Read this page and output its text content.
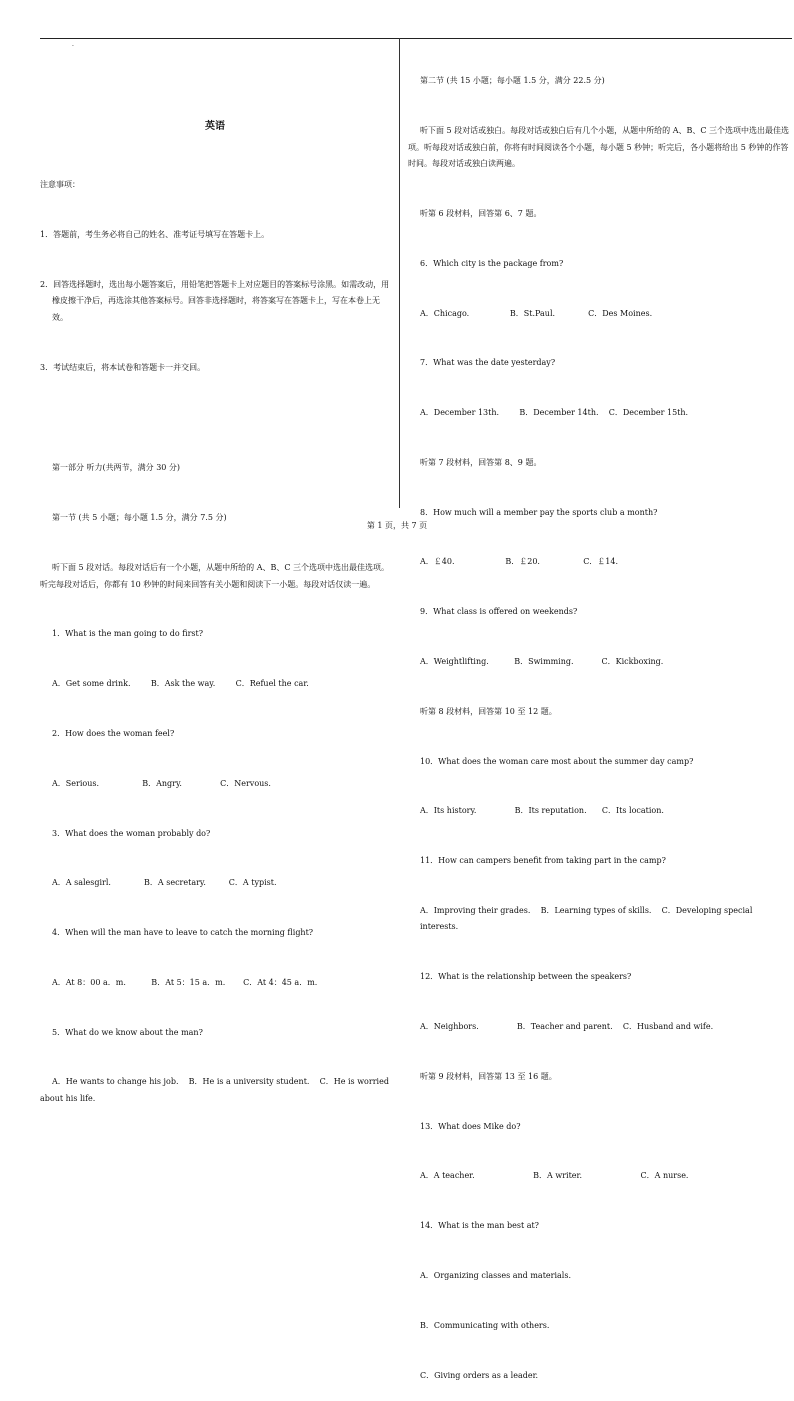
·

英语

注意事项：

1．答题前，考生务必将自己的姓名、准考证号填写在答题卡上。

2．回答选择题时，选出每小题答案后，用铅笔把答题卡上对应题目的答案标号涂黑。如需改动，用橡皮擦干净后，再选涂其他答案标号。回答非选择题时，将答案写在答题卡上，写在本卷上无效。

3．考试结束后，将本试卷和答题卡一并交回。

第一部分 听力(共两节，满分 30 分)

第一节 (共 5 小题；每小题 1.5 分，满分 7.5 分)

听下面 5 段对话。每段对话后有一个小题，从题中所给的 A、B、C 三个选项中选出最佳选项。听完每段对话后，你都有 10 秒钟的时间来回答有关小题和阅读下一小题。每段对话仅读一遍。

1．What is the man going to do first?

A．Get some drink.        B．Ask the way.        C．Refuel the car.

2．How does the woman feel?

A．Serious.                 B．Angry.               C．Nervous.

3．What does the woman probably do?

A．A salesgirl.             B．A secretary.         C．A typist.

4．When will the man have to leave to catch the morning flight?

A．At 8：00 a．m.          B．At 5：15 a．m.       C．At 4：45 a．m.

5．What do we know about the man?

A．He wants to change his job.    B．He is a university student.    C．He is worried about his life.

第二节 (共 15 小题；每小题 1.5 分，满分 22.5 分)

听下面 5 段对话或独白。每段对话或独白后有几个小题，从题中所给的 A、B、C 三个选项中选出最佳选项。听每段对话或独白前，你将有时间阅读各个小题，每小题 5 秒钟；听完后，各小题将给出 5 秒钟的作答时间。每段对话或独白读两遍。

听第 6 段材料，回答第 6、7 题。

6．Which city is the package from?

A．Chicago.                B．St.Paul.             C．Des Moines.

7．What was the date yesterday?

A．December 13th.        B．December 14th.    C．December 15th.

听第 7 段材料，回答第 8、9 题。

8．How much will a member pay the sports club a month?

A．￡40.                    B．￡20.                 C．￡14.

9．What class is offered on weekends?

A．Weightlifting.          B．Swimming.           C．Kickboxing.

听第 8 段材料，回答第 10 至 12 题。

10．What does the woman care most about the summer day camp?

A．Its history.               B．Its reputation.      C．Its location.

11．How can campers benefit from taking part in the camp?

A．Improving their grades.    B．Learning types of skills.    C．Developing special interests.

12．What is the relationship between the speakers?

A．Neighbors.               B．Teacher and parent.    C．Husband and wife.

听第 9 段材料，回答第 13 至 16 题。

13．What does Mike do?

A．A teacher.                       B．A writer.                       C．A nurse.

14．What is the man best at?

A．Organizing classes and materials.

B．Communicating with others.

C．Giving orders as a leader.

第 1 页，共 7 页
